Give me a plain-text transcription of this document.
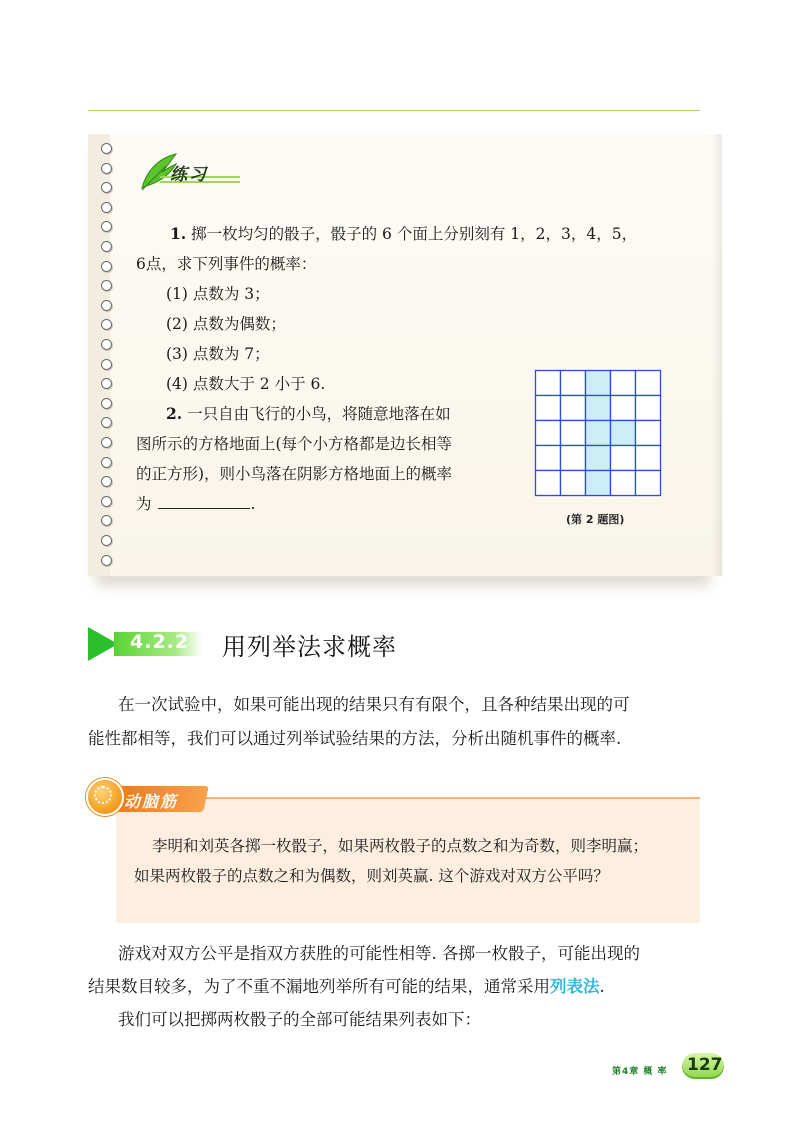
练习
1. 掷一枚均匀的骰子，骰子的 6 个面上分别刻有 1，2，3，4，5，
6点，求下列事件的概率：
(1) 点数为 3；
(2) 点数为偶数；
(3) 点数为 7；
(4) 点数大于 2 小于 6.
2. 一只自由飞行的小鸟，将随意地落在如
图所示的方格地面上(每个小方格都是边长相等
的正方形)，则小鸟落在阴影方格地面上的概率
为	.
(第 2 题图)
4.2.2 用列举法求概率
在一次试验中，如果可能出现的结果只有有限个，且各种结果出现的可
能性都相等，我们可以通过列举试验结果的方法，分析出随机事件的概率.
动脑筋
李明和刘英各掷一枚骰子，如果两枚骰子的点数之和为奇数，则李明赢；
如果两枚骰子的点数之和为偶数，则刘英赢. 这个游戏对双方公平吗？
游戏对双方公平是指双方获胜的可能性相等. 各掷一枚骰子，可能出现的
结果数目较多，为了不重不漏地列举所有可能的结果，通常采用列表法.
我们可以把掷两枚骰子的全部可能结果列表如下：
第4章 概 率 127
